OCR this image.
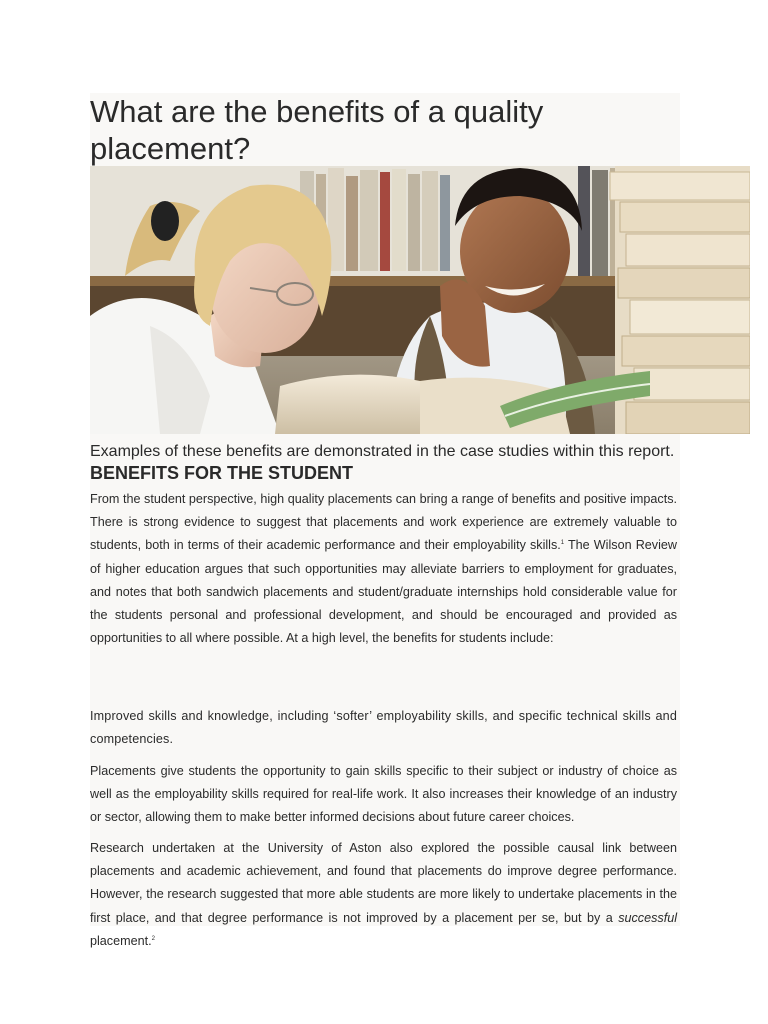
What are the benefits of a quality placement?

Examples of these benefits are demonstrated in the case studies within this report.

BENEFITS FOR THE STUDENT

From the student perspective, high quality placements can bring a range of benefits and positive impacts. There is strong evidence to suggest that placements and work experience are extremely valuable to students, both in terms of their academic performance and their employability skills.$^1$ The Wilson Review of higher education argues that such opportunities may alleviate barriers to employment for graduates, and notes that both sandwich placements and student/graduate internships hold considerable value for the students personal and professional development, and should be encouraged and provided as opportunities to all where possible. At a high level, the benefits for students include:

Improved skills and knowledge, including ‘softer’ employability skills, and specific technical skills and competencies.

Placements give students the opportunity to gain skills specific to their subject or industry of choice as well as the employability skills required for real-life work. It also increases their knowledge of an industry or sector, allowing them to make better informed decisions about future career choices.

Research undertaken at the University of Aston also explored the possible causal link between placements and academic achievement, and found that placements do improve degree performance. However, the research suggested that more able students are more likely to undertake placements in the first place, and that degree performance is not improved by a placement per se, but by a successful placement.$^2$
